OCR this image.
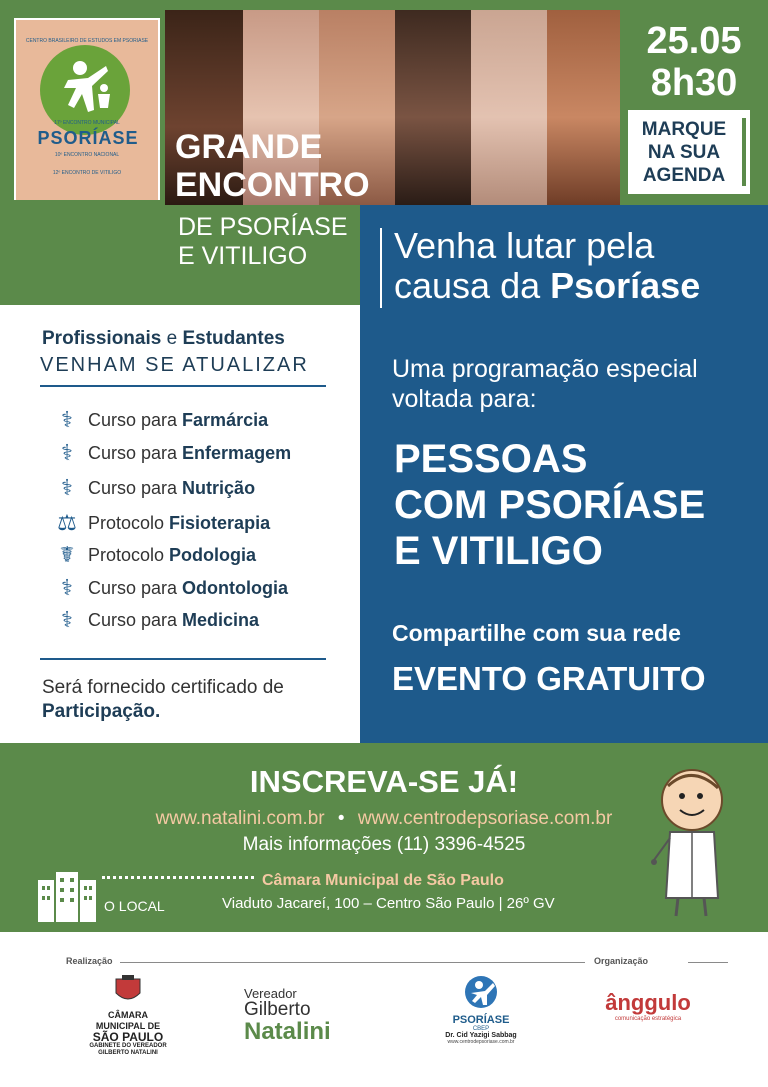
CENTRO BRASILEIRO DE ESTUDOS EM PSORIASE
17º ENCONTRO MUNICIPAL
PSORÍASE
10º ENCONTRO NACIONAL
12º ENCONTRO DE VITILIGO
GRANDE
ENCONTRO
25.05
8h30
MARQUE
NA SUA
AGENDA
DE PSORÍASE
E VITILIGO	Venha lutar pela
causa da Psoríase
Uma programação especial
voltada para:
PESSOAS
COM PSORÍASE
E VITILIGO
Compartilhe com sua rede
EVENTO GRATUITO
Profissionais e Estudantes
VENHAM SE ATUALIZAR
⚕ Curso para Farmárcia
⚕ Curso para Enfermagem
⚕ Curso para Nutrição
⚖ Protocolo Fisioterapia
☤ Protocolo Podologia
⚕ Curso para Odontologia
⚕ Curso para Medicina
Será fornecido certificado de
Participação.
INSCREVA-SE JÁ!
www.natalini.com.br • www.centrodepsoriase.com.br
Mais informações (11) 3396-4525
O LOCAL
Câmara Municipal de São Paulo
Viaduto Jacareí, 100 – Centro São Paulo | 26º GV
Realização	Organização
CÂMARA MUNICIPAL DE
SÃO PAULO
GABINETE DO VEREADOR
GILBERTO NATALINI
Vereador
Gilberto
Natalini	PSORÍASE
CBEP
Dr. Cid Yazigi Sabbag
www.centrodepsoriase.com.br
ânggulo
comunicação estratégica
